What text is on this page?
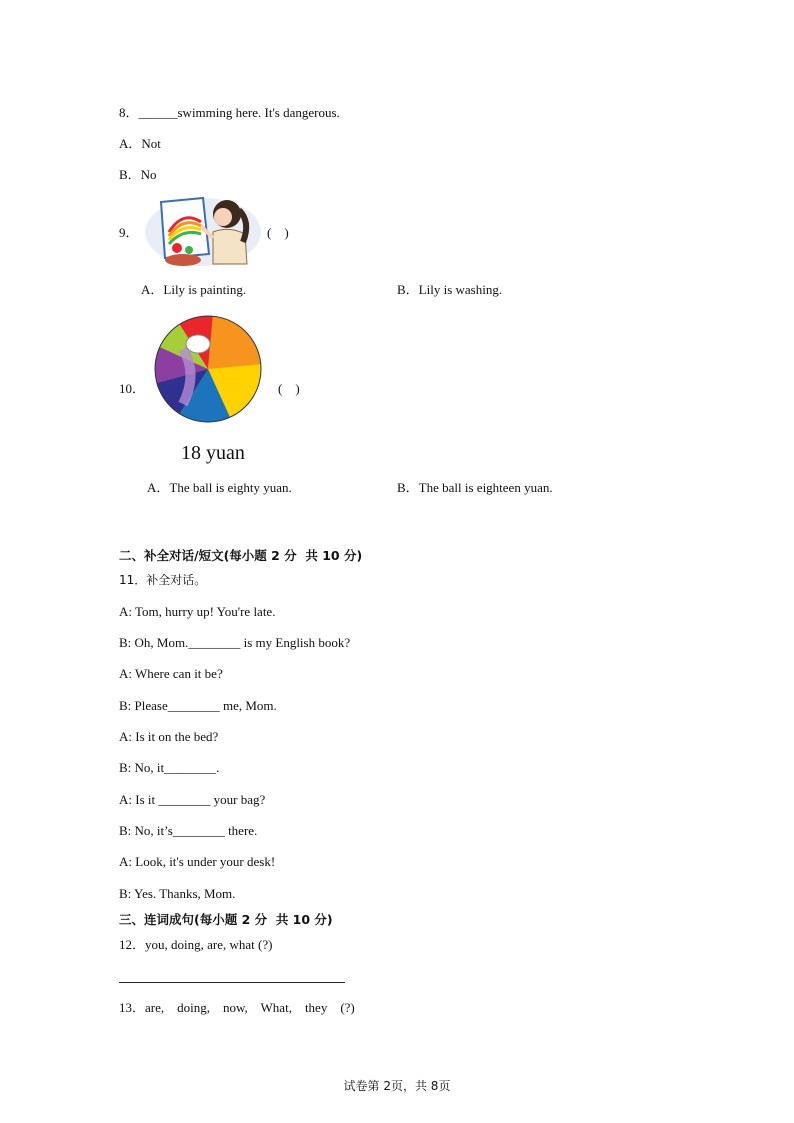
8．______swimming here. It's dangerous.
A．Not
B．No
9．	(    )
A．Lily is painting.	B．Lily is washing.
10．	(    )
18 yuan
A．The ball is eighty yuan.	B．The ball is eighteen yuan.
二、补全对话/短文(每小题 2 分  共 10 分)
11．补全对话。
A: Tom, hurry up! You're late.
B: Oh, Mom.________ is my English book?
A: Where can it be?
B: Please________ me, Mom.
A: Is it on the bed?
B: No, it________.
A: Is it ________ your bag?
B: No, it’s________ there.
A: Look, it's under your desk!
B: Yes. Thanks, Mom.
三、连词成句(每小题 2 分  共 10 分)
12．you, doing, are, what (?)
13．are,    doing,    now,    What,    they    (?)
试卷第 2页，共 8页
